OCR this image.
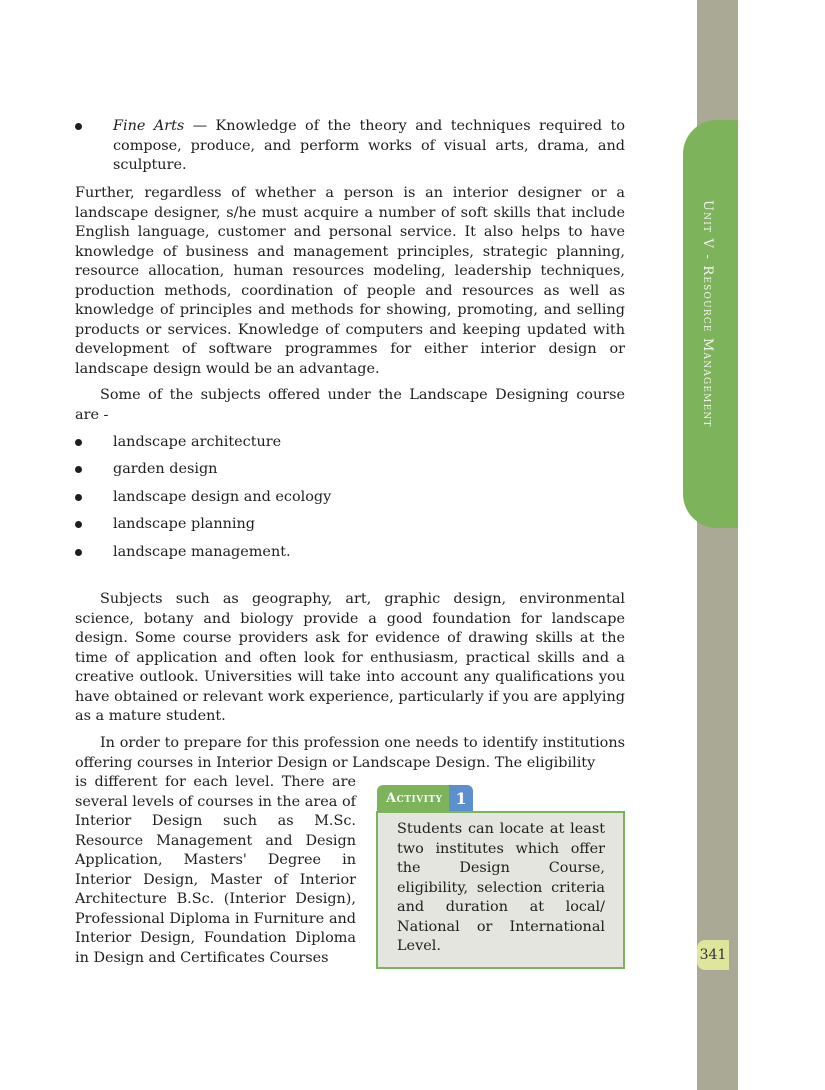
Unit V - Resource Management
341

Fine Arts — Knowledge of the theory and techniques required to compose, produce, and perform works of visual arts, drama, and sculpture.

Further, regardless of whether a person is an interior designer or a landscape designer, s/he must acquire a number of soft skills that include English language, customer and personal service. It also helps to have knowledge of business and management principles, strategic planning, resource allocation, human resources modeling, leadership techniques, production methods, coordination of people and resources as well as knowledge of principles and methods for showing, promoting, and selling products or services. Knowledge of computers and keeping updated with development of software programmes for either interior design or landscape design would be an advantage.

Some of the subjects offered under the Landscape Designing course are -

landscape architecture
garden design
landscape design and ecology
landscape planning
landscape management.

Subjects such as geography, art, graphic design, environmental science, botany and biology provide a good foundation for landscape design. Some course providers ask for evidence of drawing skills at the time of application and often look for enthusiasm, practical skills and a creative outlook. Universities will take into account any qualifications you have obtained or relevant work experience, particularly if you are applying as a mature student.

In order to prepare for this profession one needs to identify institutions offering courses in Interior Design or Landscape Design. The eligibility

is different for each level. There are several levels of courses in the area of Interior Design such as M.Sc. Resource Management and Design Application, Masters' Degree in Interior Design, Master of Interior Architecture B.Sc. (Interior Design), Professional Diploma in Furniture and Interior Design, Foundation Diploma in Design and Certificates Courses

Activity 1

Students can locate at least two institutes which offer the Design Course, eligibility, selection criteria and duration at local/ National or International Level.
